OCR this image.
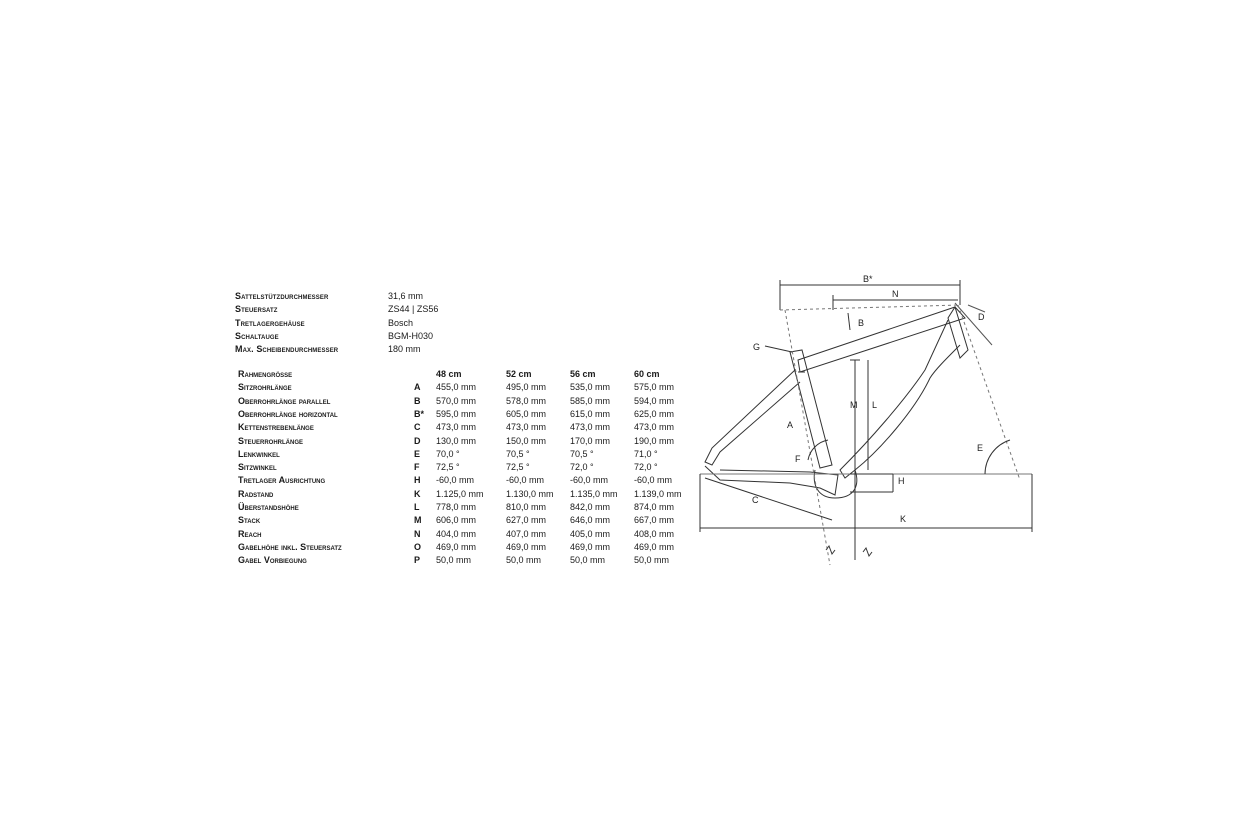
Sattelstützdurchmesser	31,6 mm
Steuersatz	ZS44 | ZS56
Tretlagergehäuse	Bosch
Schaltauge	BGM-H030
Max. Scheibendurchmesser	180 mm
Rahmengrösse	48 cm	52 cm	56 cm	60 cm
Sitzrohrlänge	A 455,0 mm	495,0 mm	535,0 mm	575,0 mm
Oberrohrlänge parallel	B 570,0 mm	578,0 mm	585,0 mm	594,0 mm
Oberrohrlänge horizontal	B* 595,0 mm	605,0 mm	615,0 mm	625,0 mm
Kettenstrebenlänge	C 473,0 mm	473,0 mm	473,0 mm	473,0 mm
Steuerrohrlänge	D 130,0 mm	150,0 mm	170,0 mm	190,0 mm
Lenkwinkel	E 70,0 °	70,5 °	70,5 °	71,0 °
Sitzwinkel	F 72,5 °	72,5 °	72,0 °	72,0 °
Tretlager Ausrichtung	H -60,0 mm	-60,0 mm	-60,0 mm	-60,0 mm
Radstand	K 1.125,0 mm 1.130,0 mm 1.135,0 mm 1.139,0 mm
Überstandshöhe	L 778,0 mm	810,0 mm	842,0 mm	874,0 mm
Stack	M 606,0 mm	627,0 mm	646,0 mm	667,0 mm
Reach	N 404,0 mm	407,0 mm	405,0 mm	408,0 mm
Gabelhöhe inkl. Steuersatz	O 469,0 mm	469,0 mm	469,0 mm	469,0 mm
Gabel Vorbiegung	P 50,0 mm	50,0 mm	50,0 mm	50,0 mm
B*
N
B
D
G
M L
A
F
E
H
C
K
